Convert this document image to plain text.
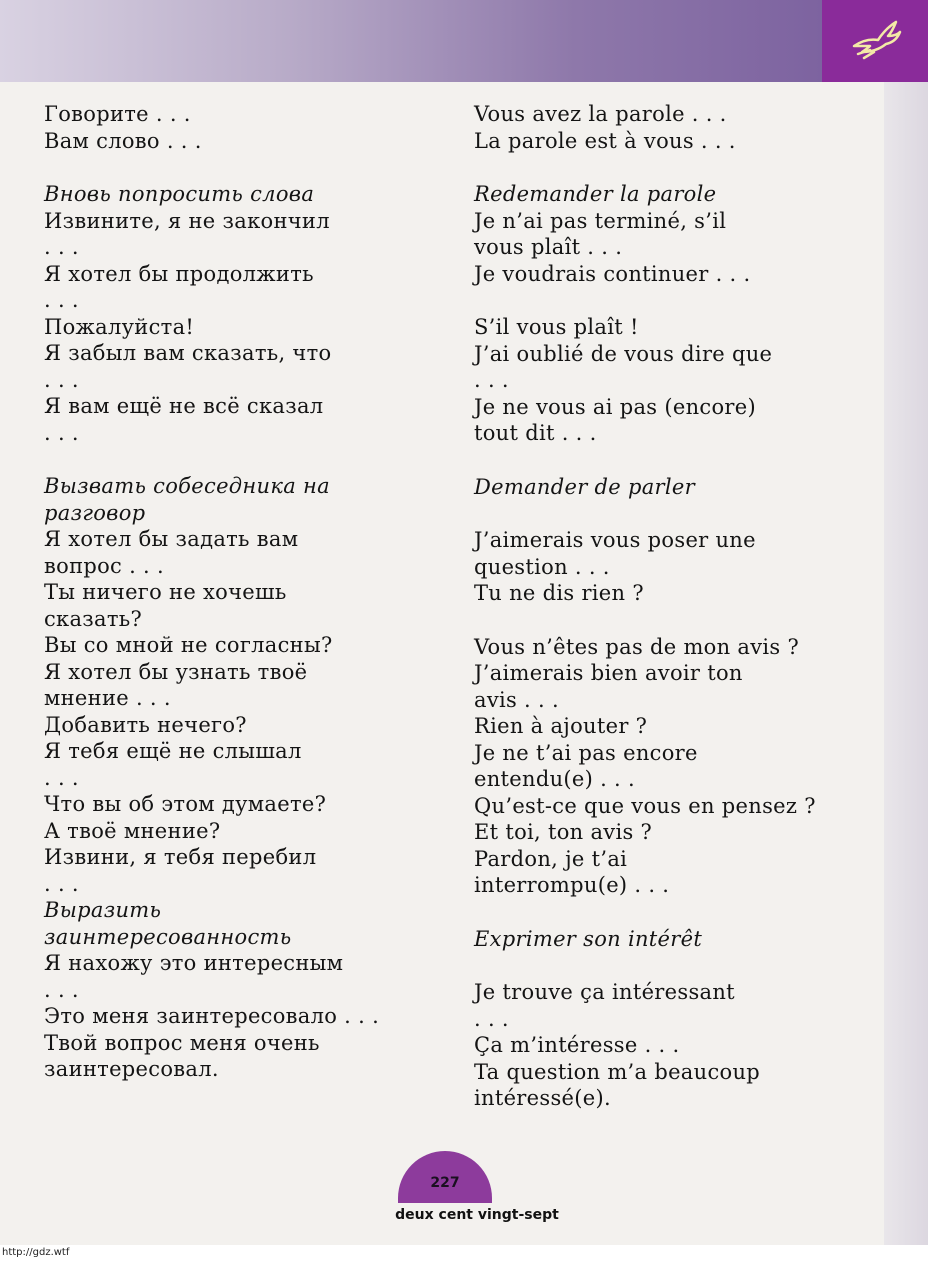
Говорите . . .
Вам слово . . .
Вновь попросить слова
Извините, я не закончил
. . .
Я хотел бы продолжить
. . .
Пожалуйста!
Я забыл вам сказать, что
. . .
Я вам ещё не всё сказал
. . .
Вызвать собеседника на
разговор
Я хотел бы задать вам
вопрос . . .
Ты ничего не хочешь
сказать?
Вы со мной не согласны?
Я хотел бы узнать твоё
мнение . . .
Добавить нечего?
Я тебя ещё не слышал
. . .
Что вы об этом думаете?
А твоё мнение?
Извини, я тебя перебил
. . .
Выразить
заинтересованность
Я нахожу это интересным
. . .
Это меня заинтересовало . . .
Твой вопрос меня очень
заинтересовал.
Vous avez la parole . . .
La parole est à vous . . .
Redemander la parole
Je n’ai pas terminé, s’il
vous plaît . . .
Je voudrais continuer . . .
S’il vous plaît !
J’ai oublié de vous dire que
. . .
Je ne vous ai pas (encore)
tout dit . . .
Demander de parler
J’aimerais vous poser une
question . . .
Tu ne dis rien ?
Vous n’êtes pas de mon avis ?
J’aimerais bien avoir ton
avis . . .
Rien à ajouter ?
Je ne t’ai pas encore
entendu(e) . . .
Qu’est-ce que vous en pensez ?
Et toi, ton avis ?
Pardon, je t’ai
interrompu(e) . . .
Exprimer son intérêt
Je trouve ça intéressant
. . .
Ça m’intéresse . . .
Ta question m’a beaucoup
intéressé(e).
227
deux cent vingt-sept
http://gdz.wtf
